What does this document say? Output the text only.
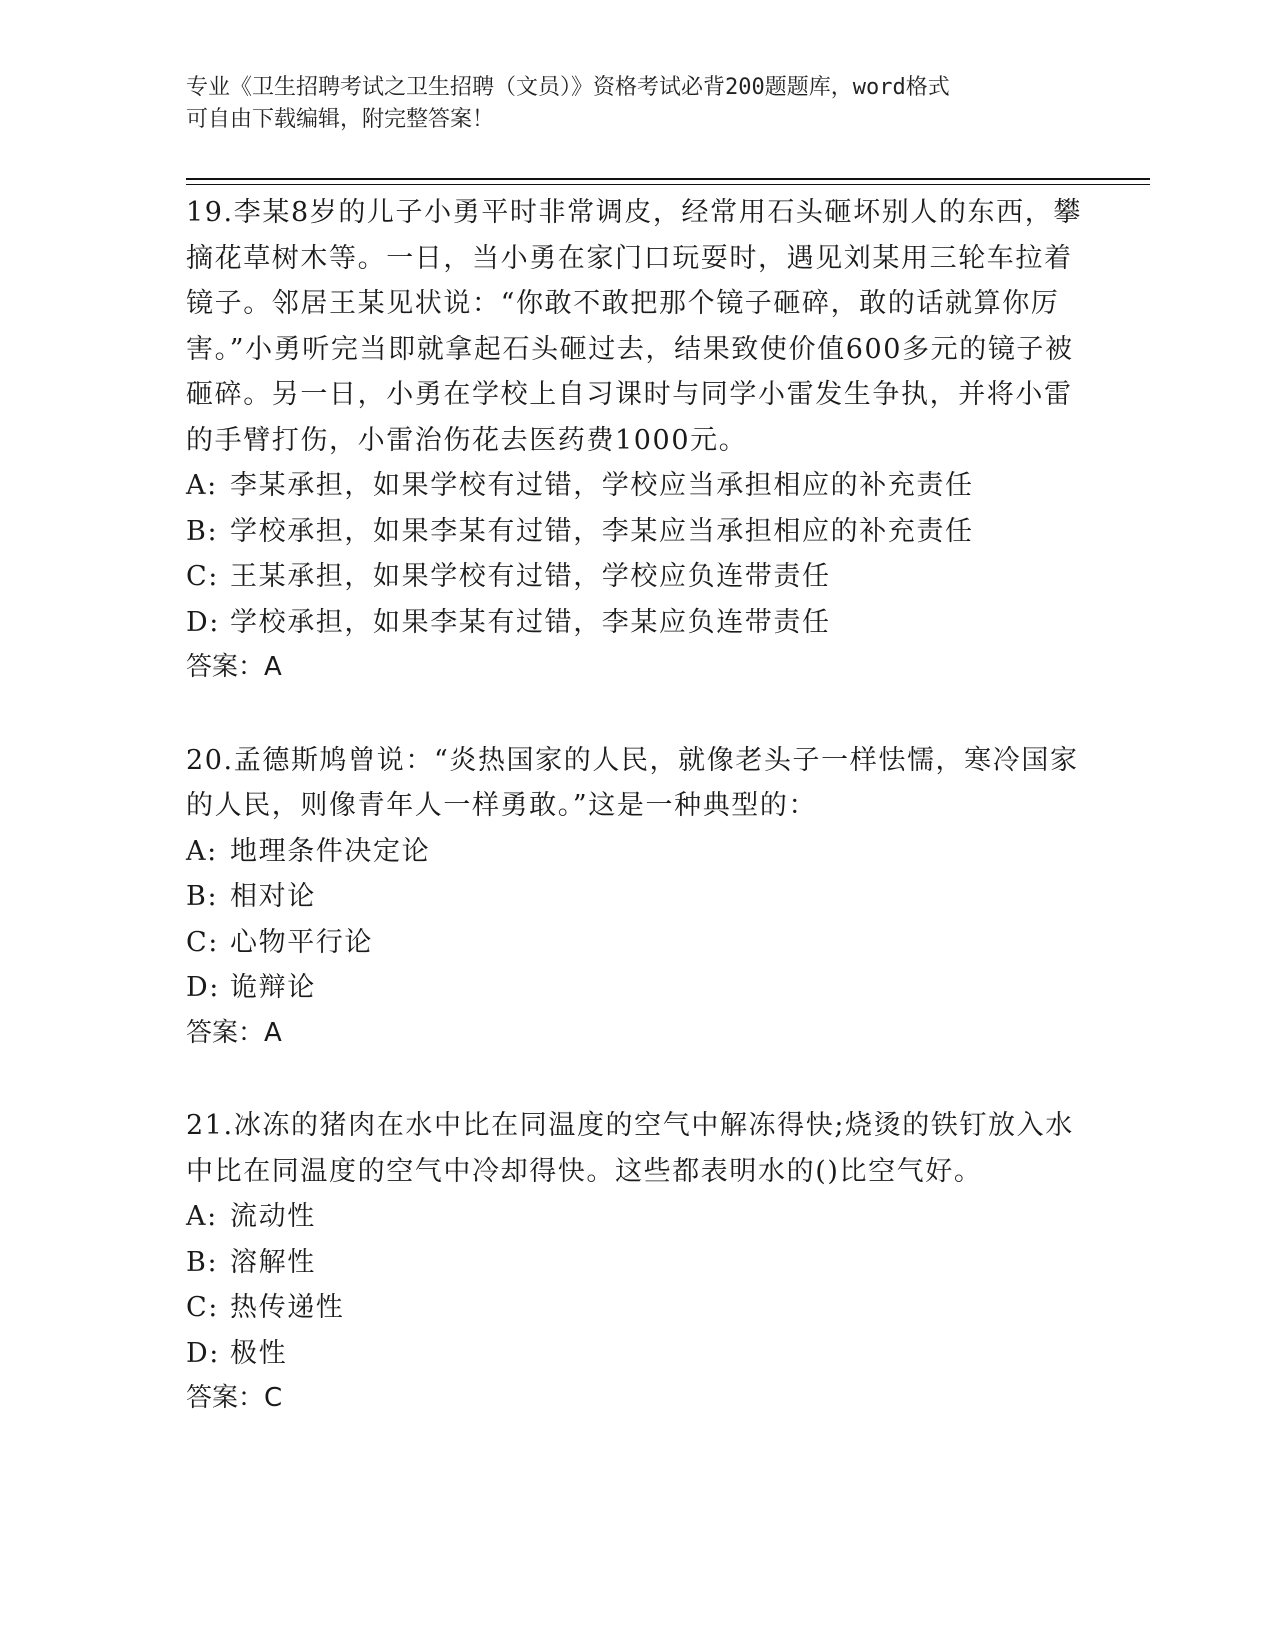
专业《卫生招聘考试之卫生招聘（文员）》资格考试必背200题题库，word格式
可自由下载编辑，附完整答案！

19.李某8岁的儿子小勇平时非常调皮，经常用石头砸坏别人的东西，攀摘花草树木等。一日，当小勇在家门口玩耍时，遇见刘某用三轮车拉着镜子。邻居王某见状说：“你敢不敢把那个镜子砸碎，敢的话就算你厉害。”小勇听完当即就拿起石头砸过去，结果致使价值600多元的镜子被砸碎。另一日，小勇在学校上自习课时与同学小雷发生争执，并将小雷的手臂打伤，小雷治伤花去医药费1000元。

A: 李某承担，如果学校有过错，学校应当承担相应的补充责任
B: 学校承担，如果李某有过错，李某应当承担相应的补充责任
C: 王某承担，如果学校有过错，学校应负连带责任
D: 学校承担，如果李某有过错，李某应负连带责任

答案：A

20.孟德斯鸠曾说：“炎热国家的人民，就像老头子一样怯懦，寒冷国家的人民，则像青年人一样勇敢。”这是一种典型的：

A: 地理条件决定论
B: 相对论
C: 心物平行论
D: 诡辩论

答案：A

21.冰冻的猪肉在水中比在同温度的空气中解冻得快;烧烫的铁钉放入水中比在同温度的空气中冷却得快。这些都表明水的()比空气好。

A: 流动性
B: 溶解性
C: 热传递性
D: 极性

答案：C
